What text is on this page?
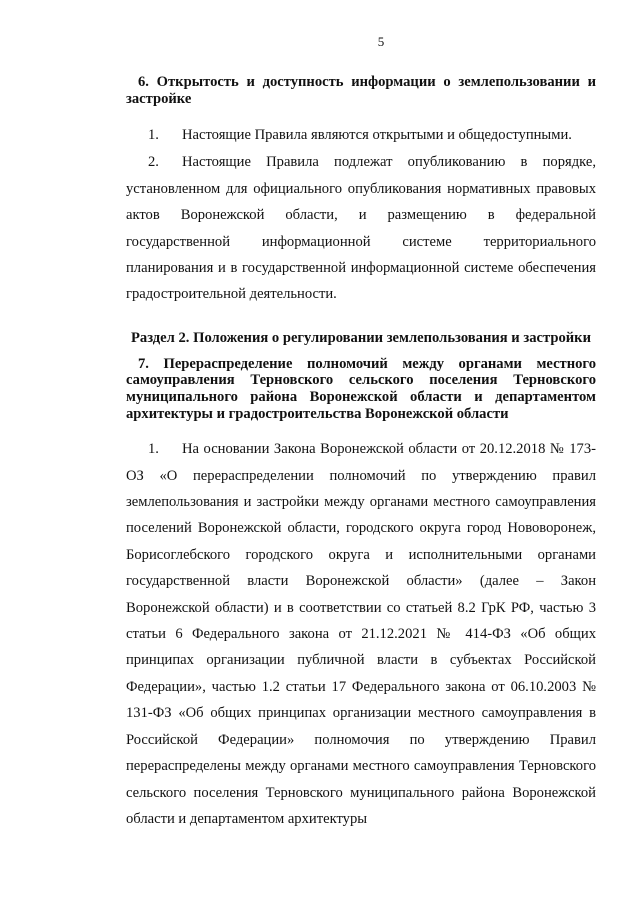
5
6. Открытость и доступность информации о землепользовании и застройке

1. Настоящие Правила являются открытыми и общедоступными.

2. Настоящие Правила подлежат опубликованию в порядке, установленном для официального опубликования нормативных правовых актов Воронежской области, и размещению в федеральной государственной информационной системе территориального планирования и в государственной информационной системе обеспечения градостроительной деятельности.

Раздел 2. Положения о регулировании землепользования и застройки
7. Перераспределение полномочий между органами местного самоуправления Терновского сельского поселения Терновского муниципального района Воронежской области и департаментом архитектуры и градостроительства Воронежской области

1. На основании Закона Воронежской области от 20.12.2018 № 173-ОЗ «О перераспределении полномочий по утверждению правил землепользования и застройки между органами местного самоуправления поселений Воронежской области, городского округа город Нововоронеж, Борисоглебского городского округа и исполнительными органами государственной власти Воронежской области» (далее – Закон Воронежской области) и в соответствии со статьей 8.2 ГрК РФ, частью 3 статьи 6 Федерального закона от 21.12.2021 № 414-ФЗ «Об общих принципах организации публичной власти в субъектах Российской Федерации», частью 1.2 статьи 17 Федерального закона от 06.10.2003 № 131-ФЗ «Об общих принципах организации местного самоуправления в Российской Федерации» полномочия по утверждению Правил перераспределены между органами местного самоуправления Терновского сельского поселения Терновского муниципального района Воронежской области и департаментом архитектуры
